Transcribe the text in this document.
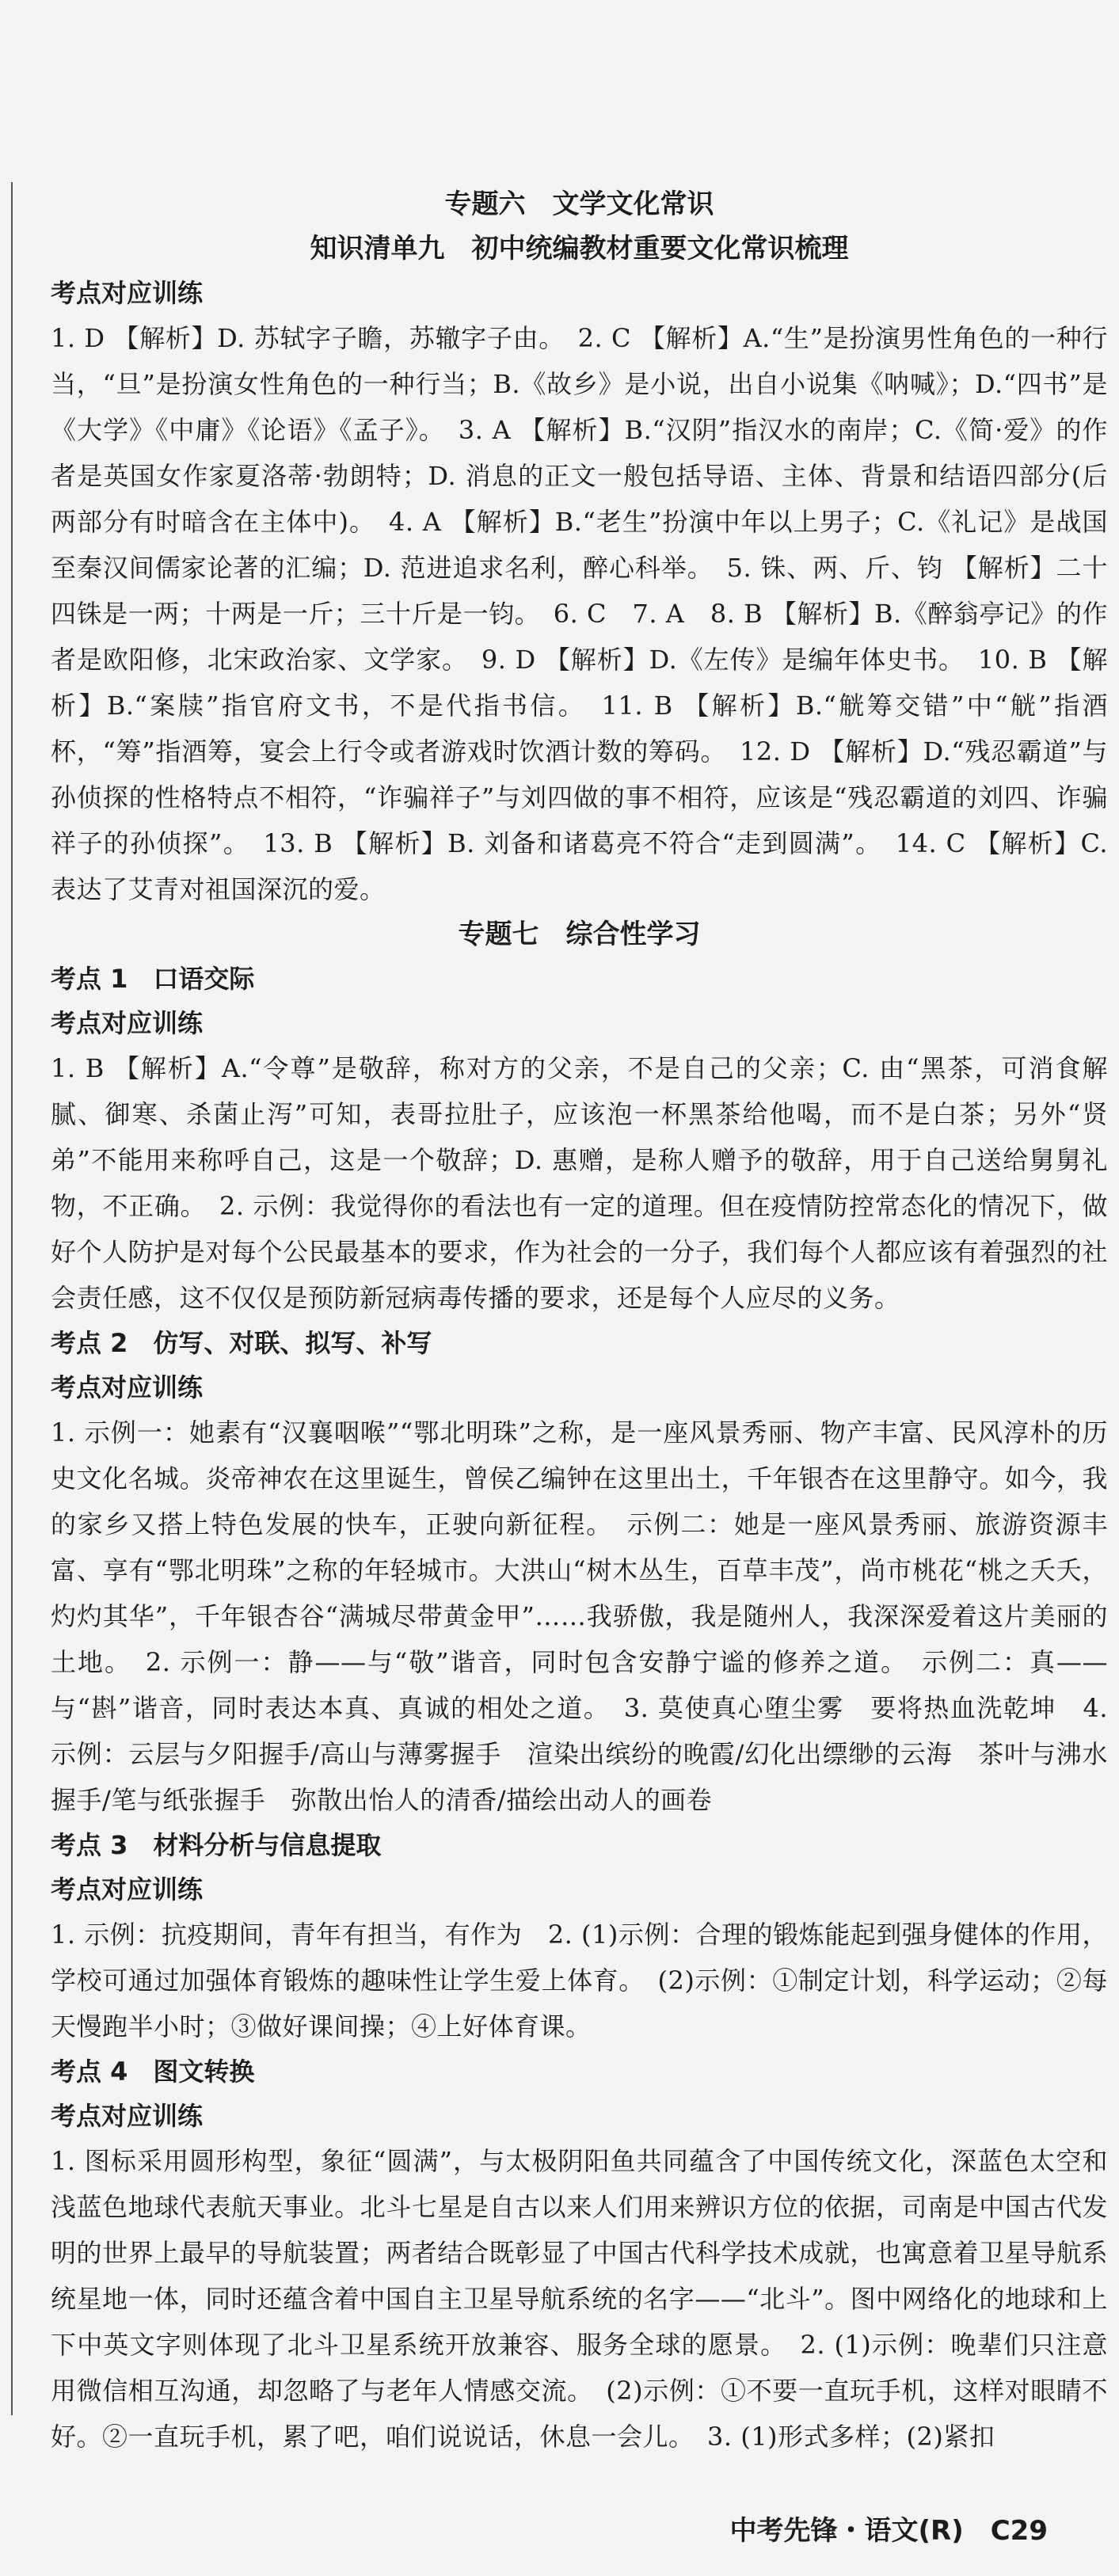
专题六　文学文化常识
知识清单九　初中统编教材重要文化常识梳理
考点对应训练

1. D 【解析】D. 苏轼字子瞻，苏辙字子由。　2. C 【解析】A.“生”是扮演男性角色的一种行当，“旦”是扮演女性角色的一种行当；B.《故乡》是小说，出自小说集《呐喊》；D.“四书”是《大学》《中庸》《论语》《孟子》。　3. A 【解析】B.“汉阴”指汉水的南岸；C.《简·爱》的作者是英国女作家夏洛蒂·勃朗特；D. 消息的正文一般包括导语、主体、背景和结语四部分(后两部分有时暗含在主体中)。　4. A 【解析】B.“老生”扮演中年以上男子；C.《礼记》是战国至秦汉间儒家论著的汇编；D. 范进追求名利，醉心科举。　5. 铢、两、斤、钧 【解析】二十四铢是一两；十两是一斤；三十斤是一钧。　6. C　7. A　8. B 【解析】B.《醉翁亭记》的作者是欧阳修，北宋政治家、文学家。　9. D 【解析】D.《左传》是编年体史书。　10. B 【解析】B.“案牍”指官府文书，不是代指书信。　11. B 【解析】B.“觥筹交错”中“觥”指酒杯，“筹”指酒筹，宴会上行令或者游戏时饮酒计数的筹码。　12. D 【解析】D.“残忍霸道”与孙侦探的性格特点不相符，“诈骗祥子”与刘四做的事不相符，应该是“残忍霸道的刘四、诈骗祥子的孙侦探”。　13. B 【解析】B. 刘备和诸葛亮不符合“走到圆满”。　14. C 【解析】C. 表达了艾青对祖国深沉的爱。

专题七　综合性学习
考点 1　口语交际
考点对应训练

1. B 【解析】A.“令尊”是敬辞，称对方的父亲，不是自己的父亲；C. 由“黑茶，可消食解腻、御寒、杀菌止泻”可知，表哥拉肚子，应该泡一杯黑茶给他喝，而不是白茶；另外“贤弟”不能用来称呼自己，这是一个敬辞；D. 惠赠，是称人赠予的敬辞，用于自己送给舅舅礼物，不正确。　2. 示例：我觉得你的看法也有一定的道理。但在疫情防控常态化的情况下，做好个人防护是对每个公民最基本的要求，作为社会的一分子，我们每个人都应该有着强烈的社会责任感，这不仅仅是预防新冠病毒传播的要求，还是每个人应尽的义务。

考点 2　仿写、对联、拟写、补写
考点对应训练

1. 示例一：她素有“汉襄咽喉”“鄂北明珠”之称，是一座风景秀丽、物产丰富、民风淳朴的历史文化名城。炎帝神农在这里诞生，曾侯乙编钟在这里出土，千年银杏在这里静守。如今，我的家乡又搭上特色发展的快车，正驶向新征程。　示例二：她是一座风景秀丽、旅游资源丰富、享有“鄂北明珠”之称的年轻城市。大洪山“树木丛生，百草丰茂”，尚市桃花“桃之夭夭，灼灼其华”，千年银杏谷“满城尽带黄金甲”……我骄傲，我是随州人，我深深爱着这片美丽的土地。　2. 示例一：静——与“敬”谐音，同时包含安静宁谧的修养之道。　示例二：真——与“斟”谐音，同时表达本真、真诚的相处之道。　3. 莫使真心堕尘雾　要将热血洗乾坤　4. 示例：云层与夕阳握手/高山与薄雾握手　渲染出缤纷的晚霞/幻化出缥缈的云海　茶叶与沸水握手/笔与纸张握手　弥散出怡人的清香/描绘出动人的画卷

考点 3　材料分析与信息提取
考点对应训练

1. 示例：抗疫期间，青年有担当，有作为　2. (1)示例：合理的锻炼能起到强身健体的作用，学校可通过加强体育锻炼的趣味性让学生爱上体育。　(2)示例：①制定计划，科学运动；②每天慢跑半小时；③做好课间操；④上好体育课。

考点 4　图文转换
考点对应训练

1. 图标采用圆形构型，象征“圆满”，与太极阴阳鱼共同蕴含了中国传统文化，深蓝色太空和浅蓝色地球代表航天事业。北斗七星是自古以来人们用来辨识方位的依据，司南是中国古代发明的世界上最早的导航装置；两者结合既彰显了中国古代科学技术成就，也寓意着卫星导航系统星地一体，同时还蕴含着中国自主卫星导航系统的名字——“北斗”。图中网络化的地球和上下中英文字则体现了北斗卫星系统开放兼容、服务全球的愿景。　2. (1)示例：晚辈们只注意用微信相互沟通，却忽略了与老年人情感交流。　(2)示例：①不要一直玩手机，这样对眼睛不好。②一直玩手机，累了吧，咱们说说话，休息一会儿。　3. (1)形式多样；(2)紧扣

中考先锋・语文(R)　C29
